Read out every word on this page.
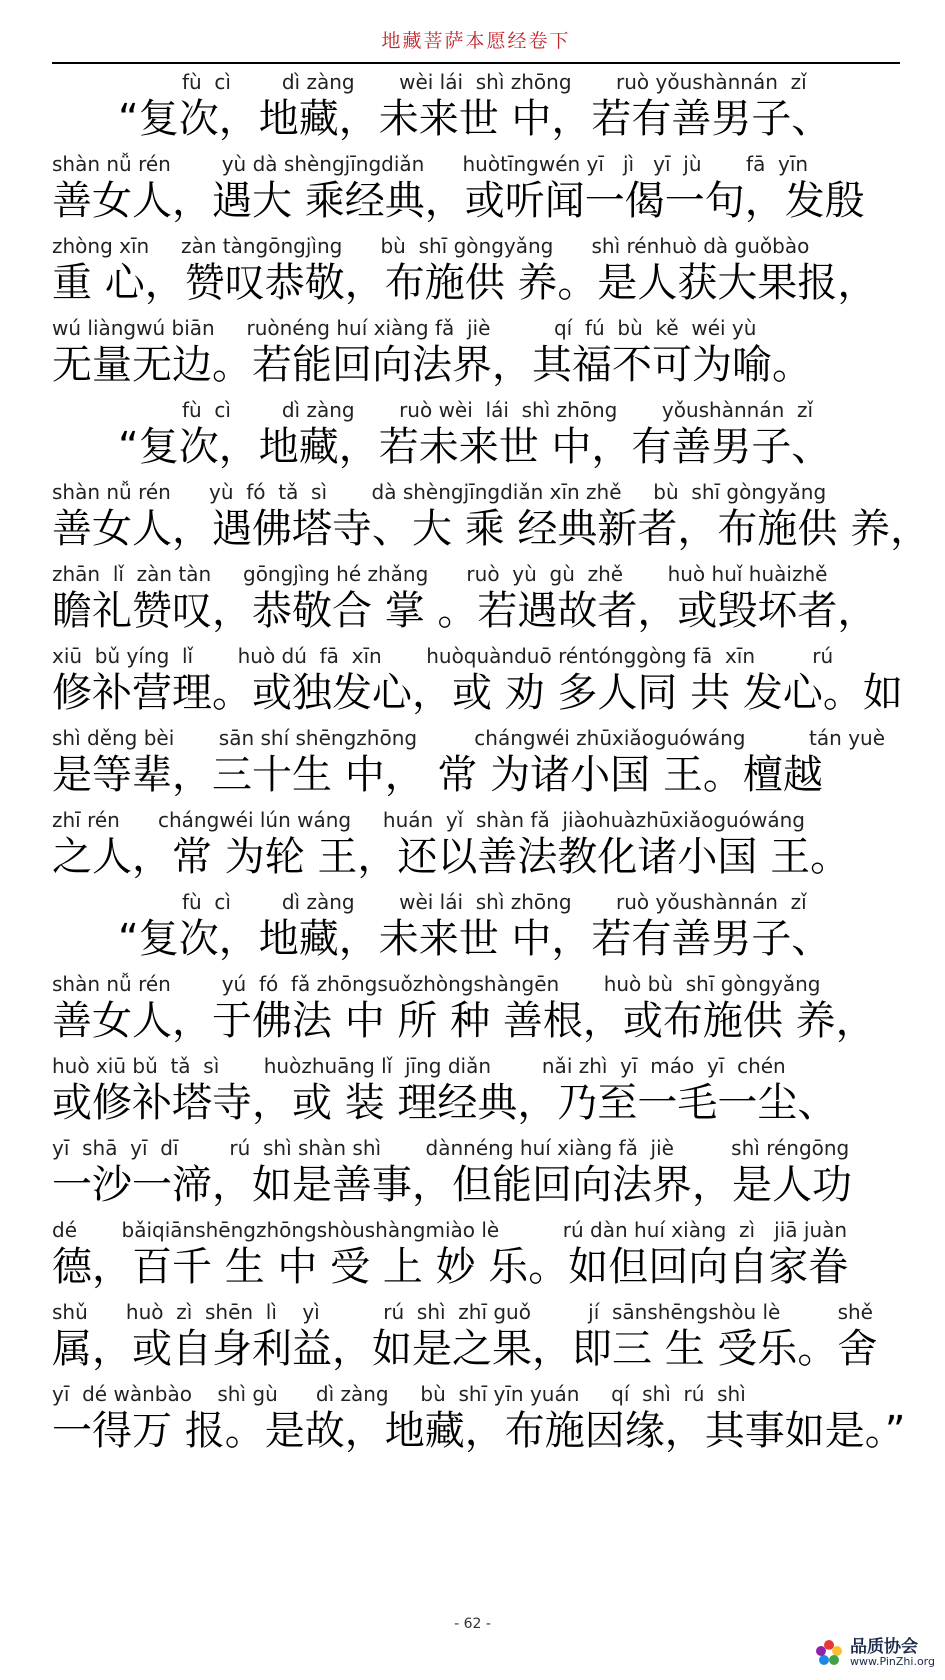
地藏菩萨本愿经卷下
fù  cì        dì zàng       wèi lái  shì zhōng       ruò yǒushànnán  zǐ
“复次，地藏，未来世 中，若有善男子、
shàn nǚ rén        yù dà shèngjīngdiǎn      huòtīngwén yī   jì   yī  jù       fā  yīn
善女人，遇大 乘经典，或听闻一偈一句，发殷
zhòng xīn     zàn tàngōngjìng      bù  shī gòngyǎng      shì rénhuò dà guǒbào
重 心，赞叹恭敬，布施供 养。是人获大果报，
wú liàngwú biān     ruònéng huí xiàng fǎ  jiè          qí  fú  bù  kě  wéi yù
无量无边。若能回向法界，其福不可为喻。
fù  cì        dì zàng       ruò wèi  lái  shì zhōng       yǒushànnán  zǐ
“复次，地藏，若未来世 中，有善男子、
shàn nǚ rén      yù  fó  tǎ  sì       dà shèngjīngdiǎn xīn zhě     bù  shī gòngyǎng
善女人，遇佛塔寺、大 乘 经典新者，布施供 养，
zhān  lǐ  zàn tàn     gōngjìng hé zhǎng      ruò  yù  gù  zhě       huò huǐ huàizhě
瞻礼赞叹，恭敬合 掌 。若遇故者，或毁坏者，
xiū  bǔ yíng  lǐ       huò dú  fā  xīn       huòquànduō réntónggòng fā  xīn         rú
修补营理。或独发心，或 劝 多人同 共 发心。如
shì děng bèi       sān shí shēngzhōng         chángwéi zhūxiǎoguówáng          tán yuè
是等辈，三十生 中， 常 为诸小国 王。檀越
zhī rén      chángwéi lún wáng     huán  yǐ  shàn fǎ  jiàohuàzhūxiǎoguówáng
之人，常 为轮 王，还以善法教化诸小国 王。
fù  cì        dì zàng       wèi lái  shì zhōng       ruò yǒushànnán  zǐ
“复次，地藏，未来世 中，若有善男子、
shàn nǚ rén        yú  fó  fǎ zhōngsuǒzhòngshàngēn       huò bù  shī gòngyǎng
善女人，于佛法 中 所 种 善根，或布施供 养，
huò xiū bǔ  tǎ  sì       huòzhuāng lǐ  jīng diǎn        nǎi zhì  yī  máo  yī  chén
或修补塔寺，或 装 理经典，乃至一毛一尘、
yī  shā  yī  dī        rú  shì shàn shì       dànnéng huí xiàng fǎ  jiè         shì réngōng
一沙一渧，如是善事，但能回向法界，是人功
dé       bǎiqiānshēngzhōngshòushàngmiào lè          rú dàn huí xiàng  zì   jiā juàn
德，百千 生 中 受 上 妙 乐。如但回向自家眷
shǔ      huò  zì  shēn  lì    yì          rú  shì  zhī guǒ         jí  sānshēngshòu lè         shě
属，或自身利益，如是之果，即三 生 受乐。舍
yī  dé wànbào    shì gù      dì zàng     bù  shī yīn yuán     qí  shì  rú  shì
一得万 报。是故，地藏，布施因缘，其事如是。”
- 62 -
品质协会
www.PinZhi.org
